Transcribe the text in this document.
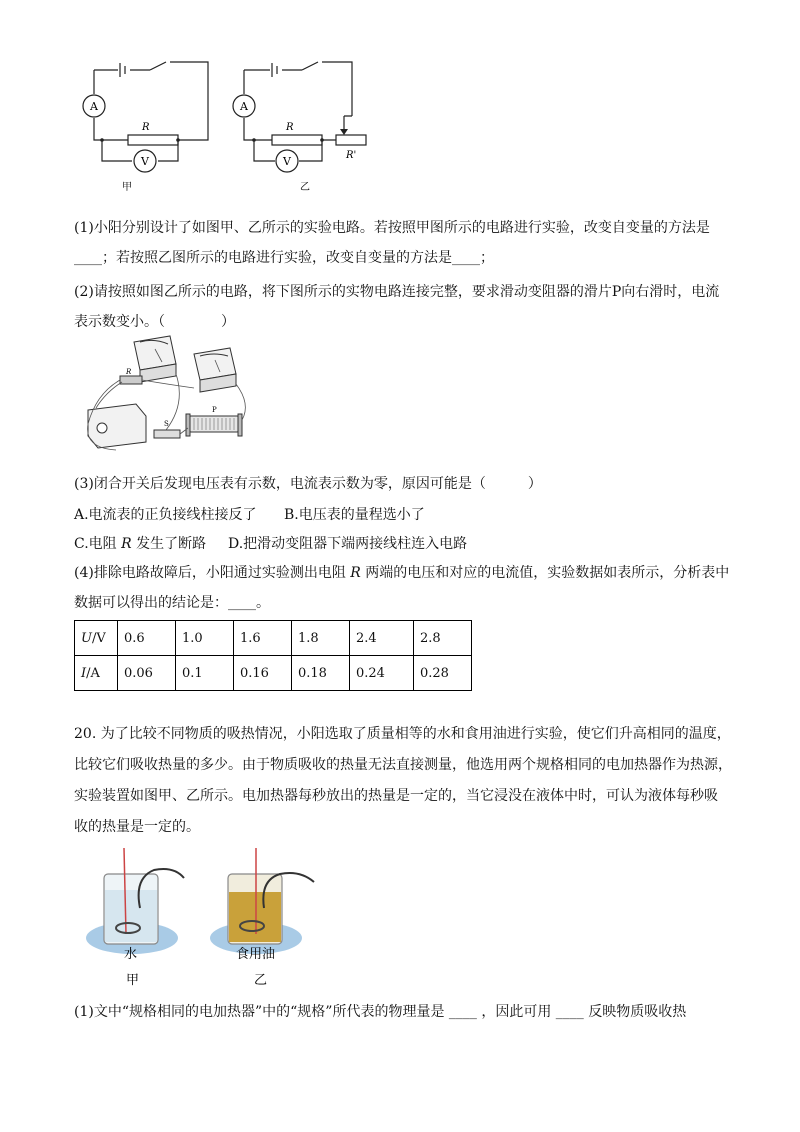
A
V
R
甲
A
V
R
R'
乙
(1)小阳分别设计了如图甲、乙所示的实验电路。若按照甲图所示的电路进行实验，改变自变量的方法是
____；若按照乙图所示的电路进行实验，改变自变量的方法是____；
(2)请按照如图乙所示的电路，将下图所示的实物电路连接完整，要求滑动变阻器的滑片P向右滑时，电流
表示数变小。（　　　　）
R
S
P
(3)闭合开关后发现电压表有示数，电流表示数为零，原因可能是（　　　）
A.电流表的正负接线柱接反了 B.电压表的量程选小了
C.电阻 R 发生了断路 D.把滑动变阻器下端两接线柱连入电路
(4)排除电路故障后，小阳通过实验测出电阻 R 两端的电压和对应的电流值，实验数据如表所示，分析表中
数据可以得出的结论是：____。
U/V	0.6	1.0	1.6	1.8	2.4	2.8
I/A	0.06	0.1	0.16	0.18	0.24	0.28
20. 为了比较不同物质的吸热情况，小阳选取了质量相等的水和食用油进行实验，使它们升高相同的温度，
比较它们吸收热量的多少。由于物质吸收的热量无法直接测量，他选用两个规格相同的电加热器作为热源，
实验装置如图甲、乙所示。电加热器每秒放出的热量是一定的，当它浸没在液体中时，可认为液体每秒吸
收的热量是一定的。
水
甲
食用油
乙
(1)文中“规格相同的电加热器”中的“规格”所代表的物理量是 ____ ，因此可用 ____ 反映物质吸收热
